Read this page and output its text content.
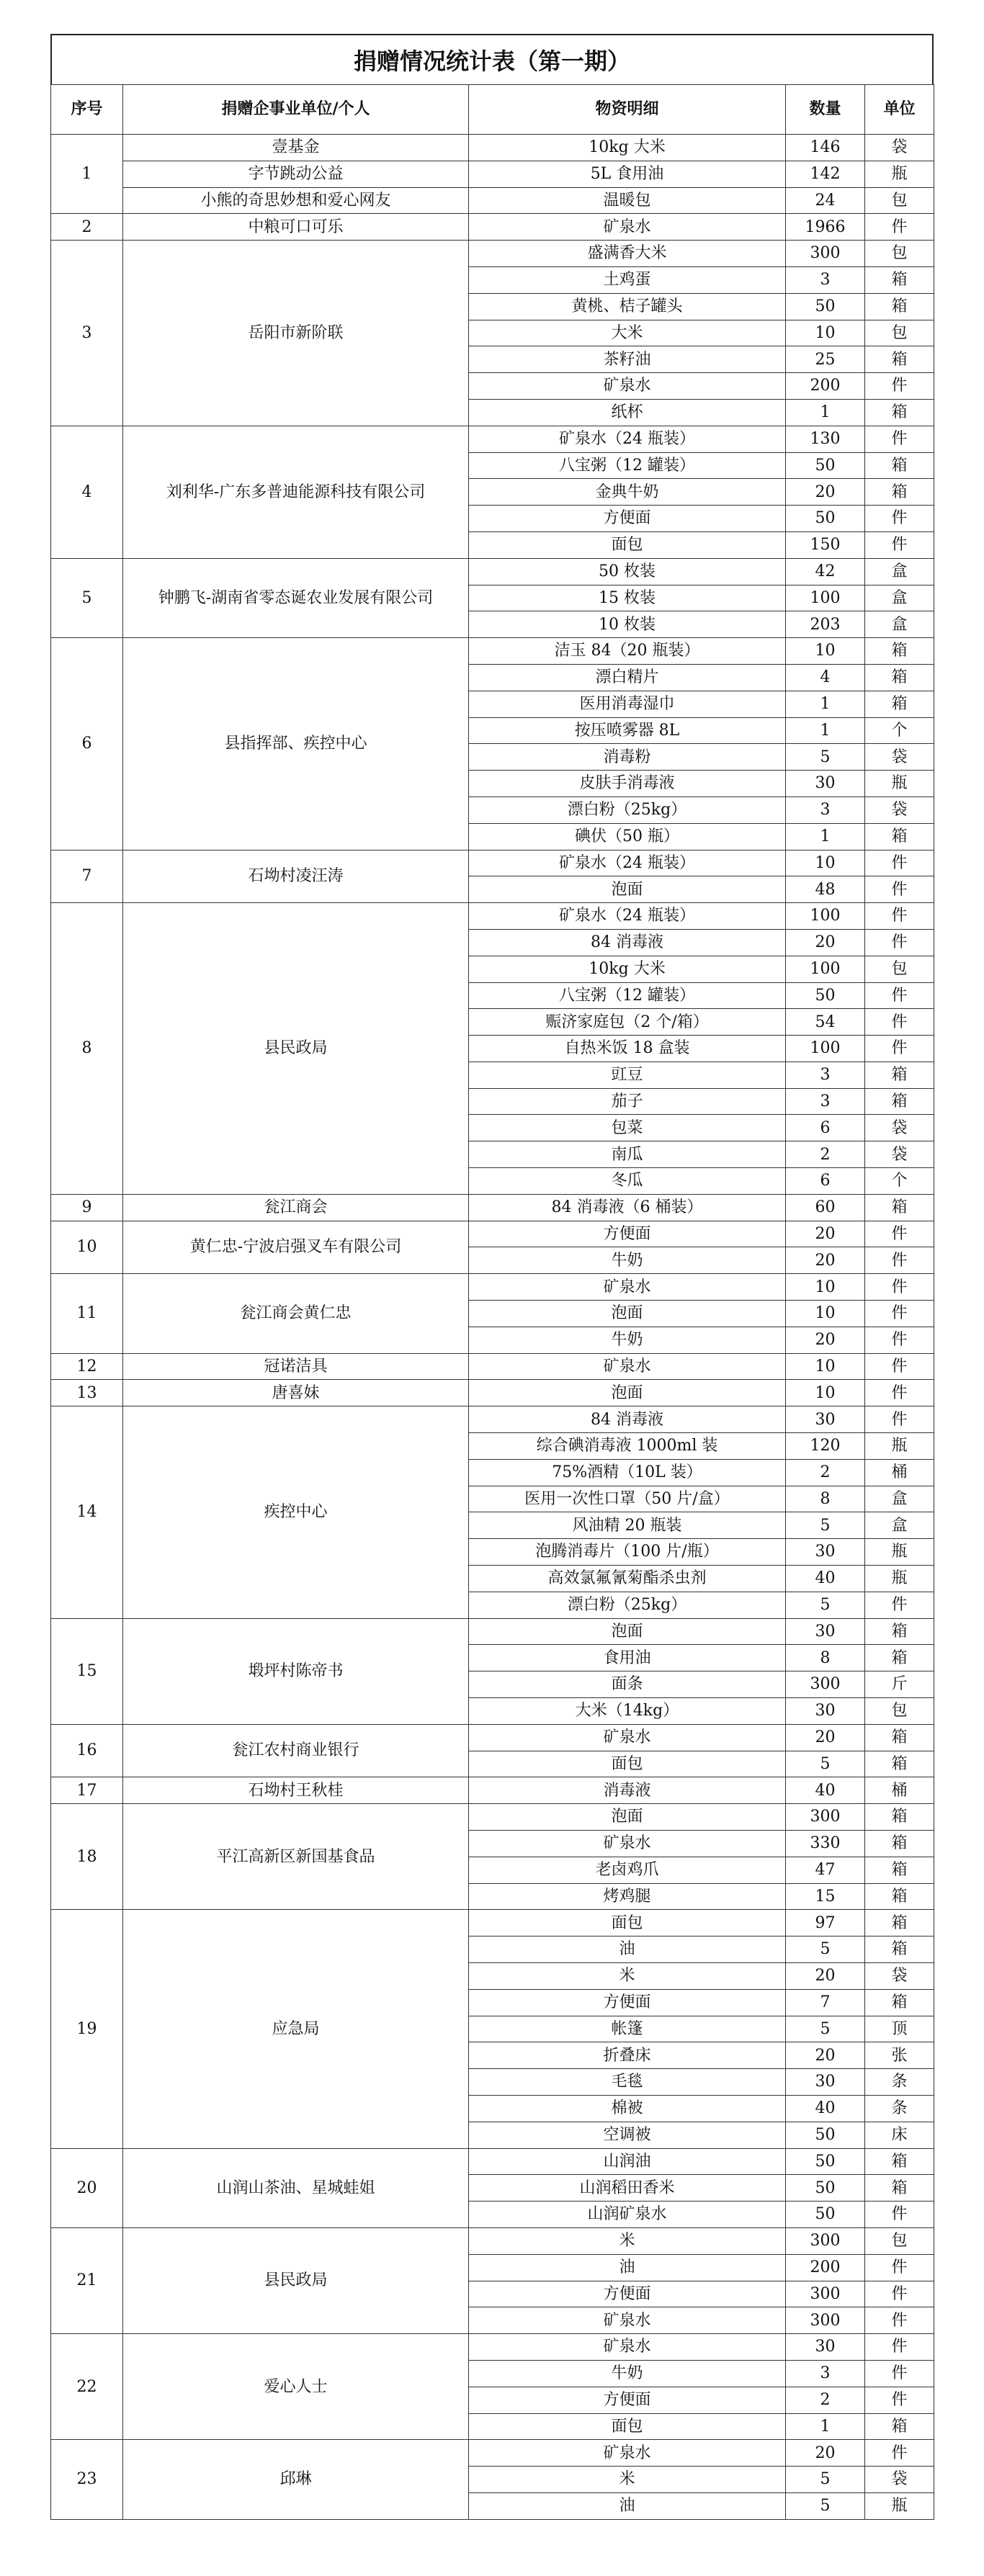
捐赠情况统计表（第一期）
序号	捐赠企事业单位/个人	物资明细	数量	单位
1	壹基金	10kg 大米	146	袋
	字节跳动公益	5L 食用油	142	瓶
	小熊的奇思妙想和爱心网友	温暖包	24	包
2	中粮可口可乐	矿泉水	1966	件
3	岳阳市新阶联	盛满香大米	300	包
		土鸡蛋	3	箱
		黄桃、桔子罐头	50	箱
		大米	10	包
		茶籽油	25	箱
		矿泉水	200	件
		纸杯	1	箱
4	刘利华-广东多普迪能源科技有限公司	矿泉水（24 瓶装）	130	件
		八宝粥（12 罐装）	50	箱
		金典牛奶	20	箱
		方便面	50	件
		面包	150	件
5	钟鹏飞-湖南省零态诞农业发展有限公司	50 枚装	42	盒
		15 枚装	100	盒
		10 枚装	203	盒
6	县指挥部、疾控中心	洁玉 84（20 瓶装）	10	箱
		漂白精片	4	箱
		医用消毒湿巾	1	箱
		按压喷雾器 8L	1	个
		消毒粉	5	袋
		皮肤手消毒液	30	瓶
		漂白粉（25kg）	3	袋
		碘伏（50 瓶）	1	箱
7	石坳村凌汪涛	矿泉水（24 瓶装）	10	件
		泡面	48	件
8	县民政局	矿泉水（24 瓶装）	100	件
		84 消毒液	20	件
		10kg 大米	100	包
		八宝粥（12 罐装）	50	件
		赈济家庭包（2 个/箱）	54	件
		自热米饭 18 盒装	100	件
		豇豆	3	箱
		茄子	3	箱
		包菜	6	袋
		南瓜	2	袋
		冬瓜	6	个
9	瓮江商会	84 消毒液（6 桶装）	60	箱
10	黄仁忠-宁波启强叉车有限公司	方便面	20	件
		牛奶	20	件
11	瓮江商会黄仁忠	矿泉水	10	件
		泡面	10	件
		牛奶	20	件
12	冠诺洁具	矿泉水	10	件
13	唐喜妹	泡面	10	件
14	疾控中心	84 消毒液	30	件
		综合碘消毒液 1000ml 装	120	瓶
		75%酒精（10L 装）	2	桶
		医用一次性口罩（50 片/盒）	8	盒
		风油精 20 瓶装	5	盒
		泡腾消毒片（100 片/瓶）	30	瓶
		高效氯氟氰菊酯杀虫剂	40	瓶
		漂白粉（25kg）	5	件
15	塅坪村陈帝书	泡面	30	箱
		食用油	8	箱
		面条	300	斤
		大米（14kg）	30	包
16	瓮江农村商业银行	矿泉水	20	箱
		面包	5	箱
17	石坳村王秋桂	消毒液	40	桶
18	平江高新区新国基食品	泡面	300	箱
		矿泉水	330	箱
		老卤鸡爪	47	箱
		烤鸡腿	15	箱
19	应急局	面包	97	箱
		油	5	箱
		米	20	袋
		方便面	7	箱
		帐篷	5	顶
		折叠床	20	张
		毛毯	30	条
		棉被	40	条
		空调被	50	床
20	山润山茶油、星城蛙姐	山润油	50	箱
		山润稻田香米	50	箱
		山润矿泉水	50	件
21	县民政局	米	300	包
		油	200	件
		方便面	300	件
		矿泉水	300	件
22	爱心人士	矿泉水	30	件
		牛奶	3	件
		方便面	2	件
		面包	1	箱
23	邱琳	矿泉水	20	件
		米	5	袋
		油	5	瓶
